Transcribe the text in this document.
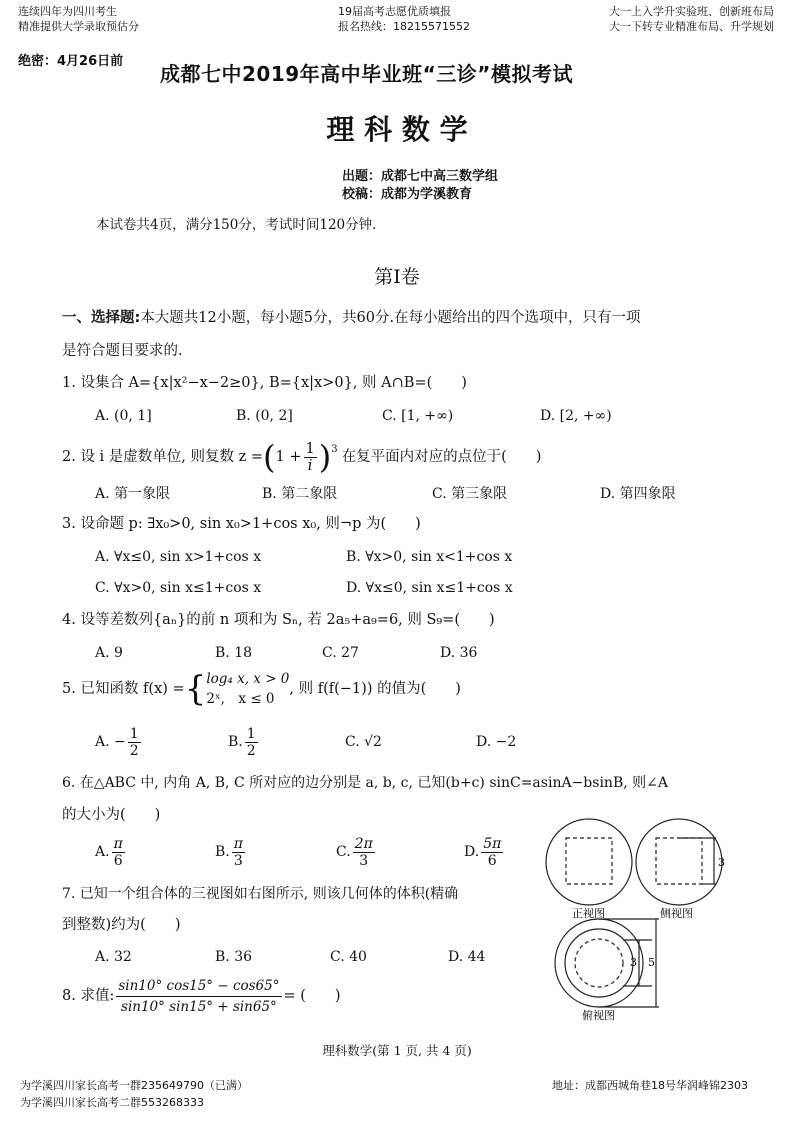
连续四年为四川考生
精准提供大学录取预估分
19届高考志愿优质填报
报名热线：18215571552
大一上入学升实验班、创新班布局
大一下转专业精准布局、升学规划
绝密：4月26日前
成都七中2019年高中毕业班“三诊”模拟考试
理 科 数 学
出题：成都七中高三数学组
校稿：成都为学溪教育
本试卷共4页，满分150分，考试时间120分钟.
第Ⅰ卷
一、选择题:本大题共12小题，每小题5分，共60分.在每小题给出的四个选项中，只有一项
是符合题目要求的.
1. 设集合 A={x|x²−x−2≥0}, B={x|x>0}, 则 A∩B=(　　)
A. (0, 1]	B. (0, 2]	C. [1, +∞)	D. [2, +∞)
2. 设 i 是虚数单位, 则复数 z = ( $1 + \frac{1}{i} )^3$ 在复平面内对应的点位于(　　)
A. 第一象限	B. 第二象限	C. 第三象限	D. 第四象限
3. 设命题 p: ∃x₀>0, sin x₀>1+cos x₀, 则¬p 为(　　)
A. ∀x≤0, sin x>1+cos x	B. ∀x>0, sin x<1+cos x
C. ∀x>0, sin x≤1+cos x	D. ∀x≤0, sin x≤1+cos x
4. 设等差数列{aₙ}的前 n 项和为 Sₙ, 若 2a₅+a₉=6, 则 S₉=(　　)
A. 9	B. 18	C. 27	D. 36
5. 已知函数 f(x) = { log₄ x, x > 0
2ˣ,　x ≤ 0
, 则 f(f(−1)) 的值为(　　)
A. − $\frac{1}{2}$	B. $\frac{1}{2}$	C. √2	D. −2
6. 在△ABC 中, 内角 A, B, C 所对应的边分别是 a, b, c, 已知(b+c) sinC=asinA−bsinB, 则∠A
的大小为(　　)
A. $\frac{\pi}{6}$	B. $\frac{\pi}{3}$	C. $\frac{2\pi}{3}$	D. $\frac{5\pi}{6}$
7. 已知一个组合体的三视图如右图所示, 则该几何体的体积(精确
到整数)约为(　　)
A. 32	B. 36	C. 40	D. 44
8. 求值: $\frac{\sin 10^\circ \cos 15^\circ - \cos 65^\circ}{\sin 10^\circ \sin 15^\circ + \sin 65^\circ}$ = (　　)
3
3 5
正视图	侧视图
俯视图
理科数学(第 1 页, 共 4 页)
为学溪四川家长高考一群235649790（已满）
为学溪四川家长高考二群553268333
地址：成都西城角巷18号华润峰锦2303
